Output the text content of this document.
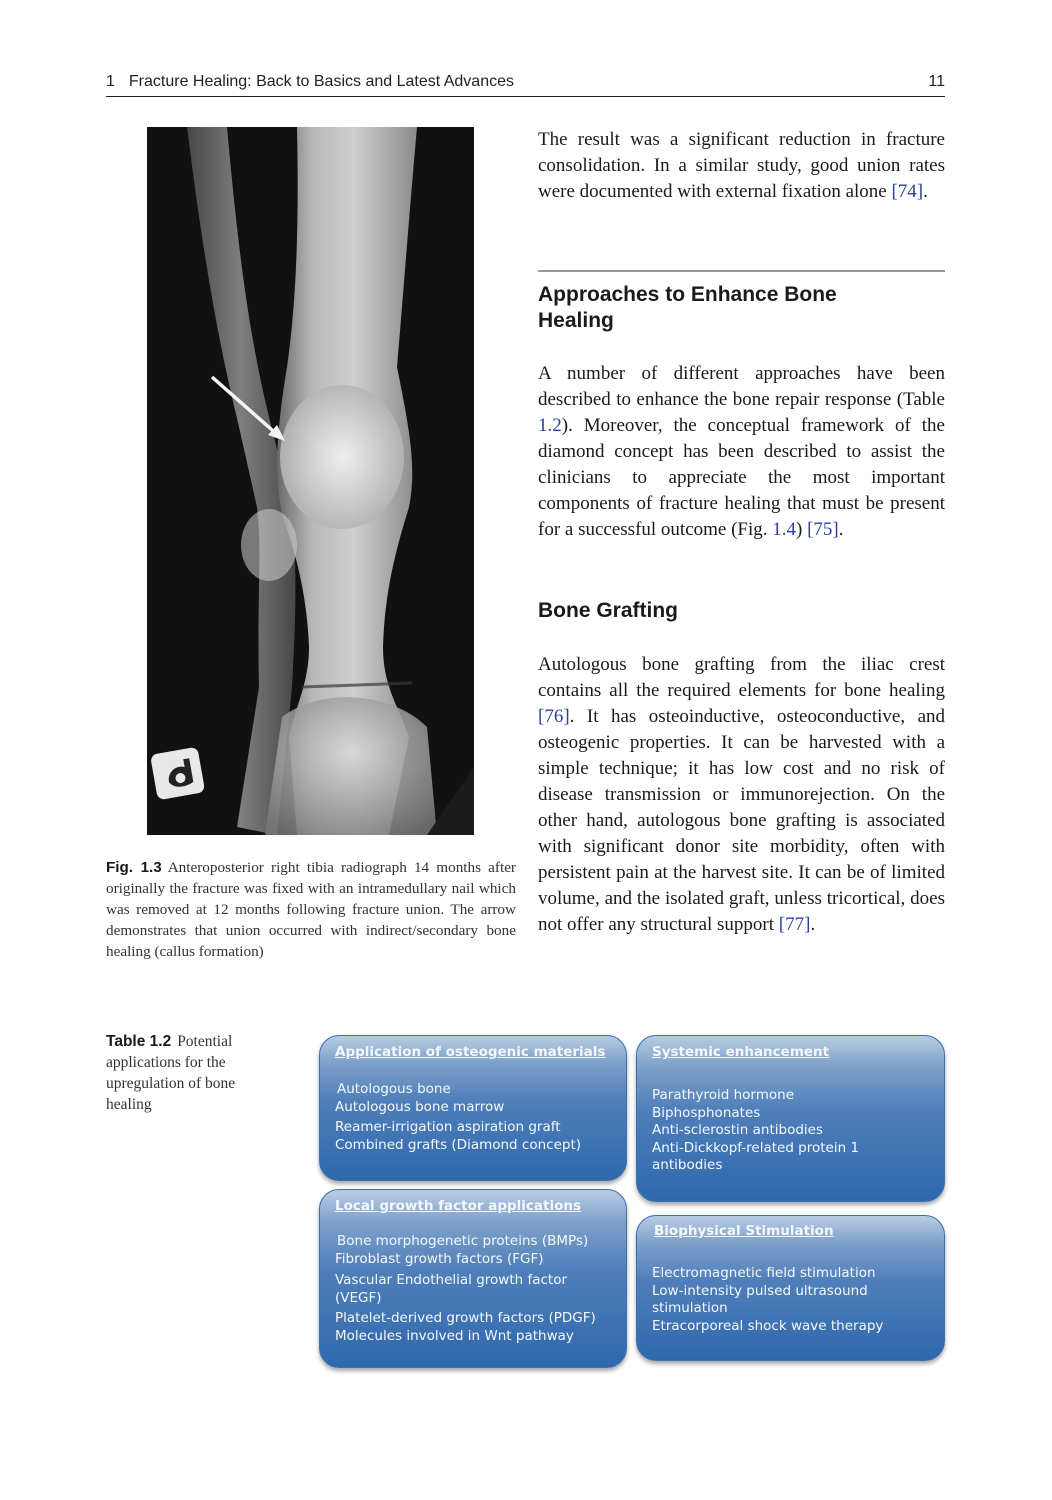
1 Fracture Healing: Back to Basics and Latest Advances	11
Fig. 1.3 Anteroposterior right tibia radiograph 14 months after originally the fracture was fixed with an intramedullary nail which was removed at 12 months following fracture union. The arrow demonstrates that union occurred with indirect/secondary bone healing (callus formation)

The result was a significant reduction in fracture consolidation. In a similar study, good union rates were documented with external fixation alone [74].

Approaches to Enhance Bone
Healing

A number of different approaches have been described to enhance the bone repair response (Table 1.2). Moreover, the conceptual framework of the diamond concept has been described to assist the clinicians to appreciate the most important components of fracture healing that must be present for a successful outcome (Fig. 1.4) [75].

Bone Grafting

Autologous bone grafting from the iliac crest contains all the required elements for bone healing [76]. It has osteoinductive, osteoconductive, and osteogenic properties. It can be harvested with a simple technique; it has low cost and no risk of disease transmission or immunorejection. On the other hand, autologous bone grafting is associated with significant donor site morbidity, often with persistent pain at the harvest site. It can be of limited volume, and the isolated graft, unless tricortical, does not offer any structural support [77].

Table 1.2 Potential applications for the upregulation of bone healing
Application of osteogenic materials
Autologous bone
Autologous bone marrow
Reamer-irrigation aspiration graft
Combined grafts (Diamond concept)
Systemic enhancement
Parathyroid hormone
Biphosphonates
Anti-sclerostin antibodies
Anti-Dickkopf-related protein 1 antibodies
Local growth factor applications
Bone morphogenetic proteins (BMPs)
Fibroblast growth factors (FGF)
Vascular Endothelial growth factor (VEGF)
Platelet-derived growth factors (PDGF)
Molecules involved in Wnt pathway
Biophysical Stimulation
Electromagnetic field stimulation
Low-intensity pulsed ultrasound stimulation
Etracorporeal shock wave therapy
